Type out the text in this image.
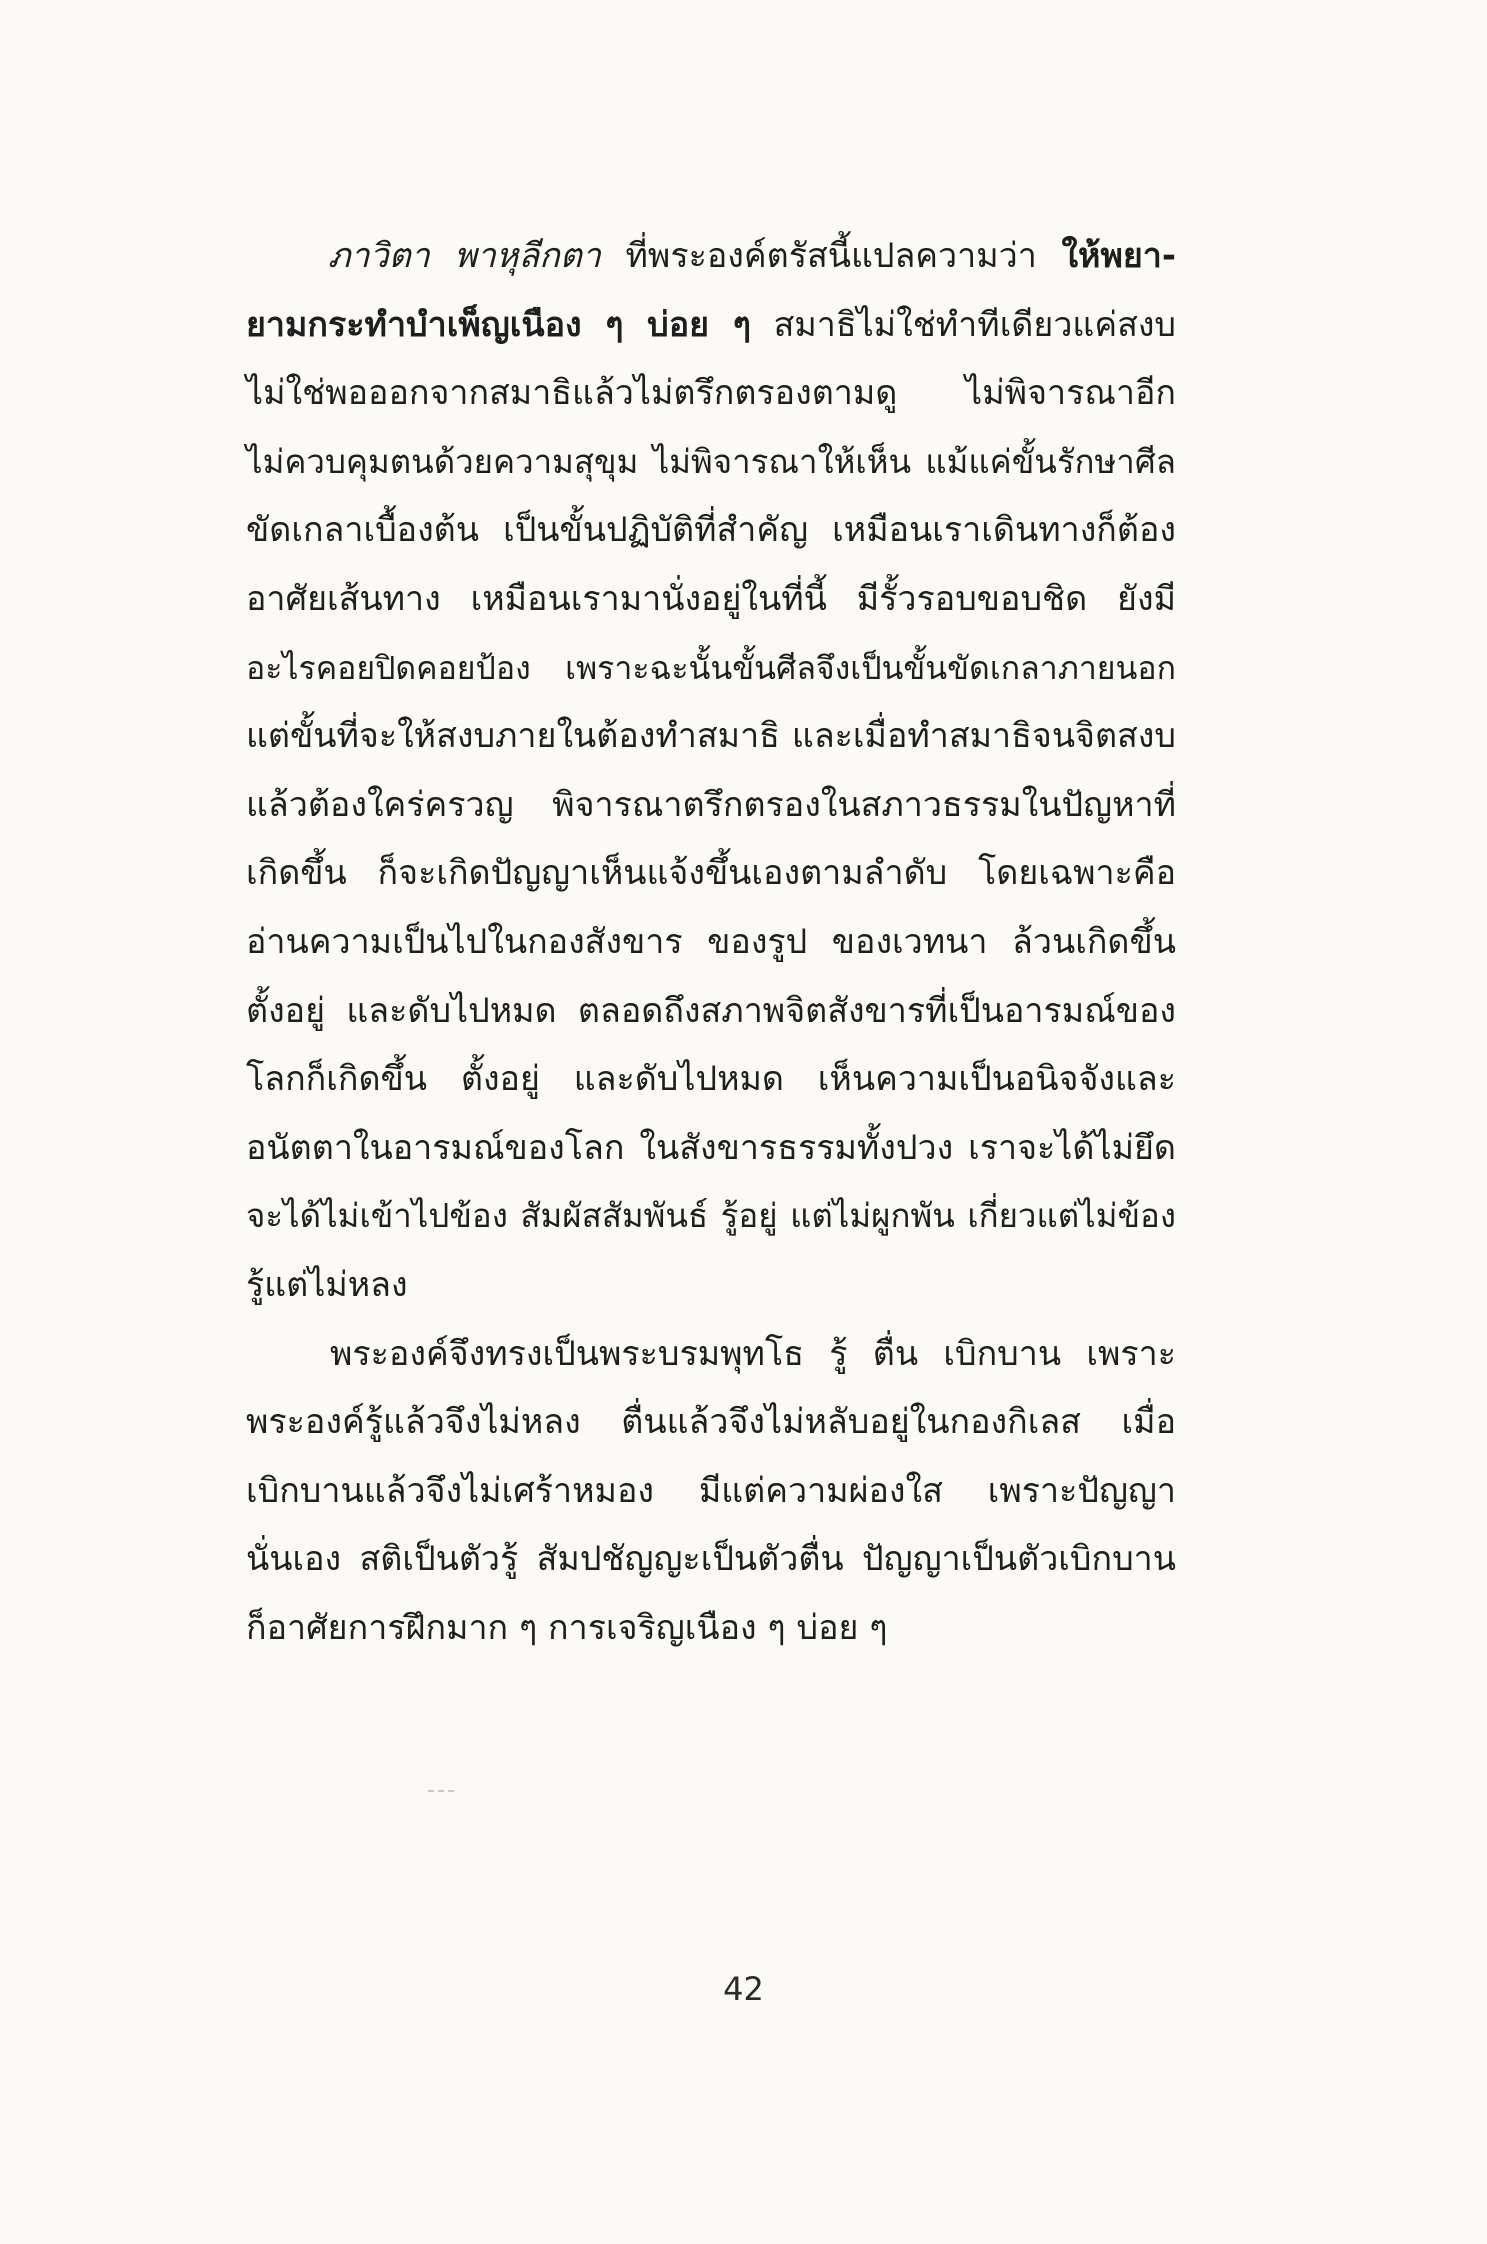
ภาวิตา พาหุลีกตา ที่พระองค์ตรัสนี้แปลความว่า ให้พยา-
ยามกระทำบำเพ็ญเนือง ๆ บ่อย ๆ สมาธิไม่ใช่ทำทีเดียวแค่สงบ
ไม่ใช่พอออกจากสมาธิแล้วไม่ตรึกตรองตามดู ไม่พิจารณาอีก
ไม่ควบคุมตนด้วยความสุขุม ไม่พิจารณาให้เห็น แม้แค่ขั้นรักษาศีล
ขัดเกลาเบื้องต้น เป็นขั้นปฏิบัติที่สำคัญ เหมือนเราเดินทางก็ต้อง
อาศัยเส้นทาง เหมือนเรามานั่งอยู่ในที่นี้ มีรั้วรอบขอบชิด ยังมี
อะไรคอยปิดคอยป้อง เพราะฉะนั้นขั้นศีลจึงเป็นขั้นขัดเกลาภายนอก
แต่ขั้นที่จะให้สงบภายในต้องทำสมาธิ และเมื่อทำสมาธิจนจิตสงบ
แล้วต้องใคร่ครวญ พิจารณาตรึกตรองในสภาวธรรมในปัญหาที่
เกิดขึ้น ก็จะเกิดปัญญาเห็นแจ้งขึ้นเองตามลำดับ โดยเฉพาะคือ
อ่านความเป็นไปในกองสังขาร ของรูป ของเวทนา ล้วนเกิดขึ้น
ตั้งอยู่ และดับไปหมด ตลอดถึงสภาพจิตสังขารที่เป็นอารมณ์ของ
โลกก็เกิดขึ้น ตั้งอยู่ และดับไปหมด เห็นความเป็นอนิจจังและ
อนัตตาในอารมณ์ของโลก ในสังขารธรรมทั้งปวง เราจะได้ไม่ยึด
จะได้ไม่เข้าไปข้อง สัมผัสสัมพันธ์ รู้อยู่ แต่ไม่ผูกพัน เกี่ยวแต่ไม่ข้อง
รู้แต่ไม่หลง
พระองค์จึงทรงเป็นพระบรมพุทโธ รู้ ตื่น เบิกบาน เพราะ
พระองค์รู้แล้วจึงไม่หลง ตื่นแล้วจึงไม่หลับอยู่ในกองกิเลส เมื่อ
เบิกบานแล้วจึงไม่เศร้าหมอง มีแต่ความผ่องใส เพราะปัญญา
นั่นเอง สติเป็นตัวรู้ สัมปชัญญะเป็นตัวตื่น ปัญญาเป็นตัวเบิกบาน
ก็อาศัยการฝึกมาก ๆ การเจริญเนือง ๆ บ่อย ๆ
42
